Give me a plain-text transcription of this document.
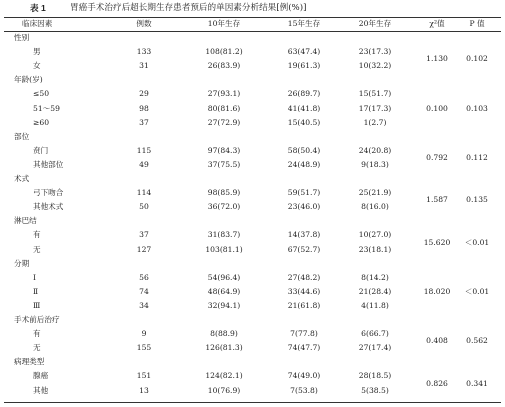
表 1	胃癌手术治疗后超长期生存患者预后的单因素分析结果[例(%)]
临床因素	例数	10年生存	15年生存	20年生存	χ²值	P 值
性别
男	133	108(81.2)	63(47.4)	23(17.3)
女	31	26(83.9)	19(61.3)	10(32.2)
1.130 0.102
年龄(岁)
≤50	29	27(93.1)	26(89.7)	15(51.7)
51～59	98	80(81.6)	41(41.8)	17(17.3)
≥60	37	27(72.9)	15(40.5)	1(2.7)
0.100 0.103
部位
贲门	115	97(84.3)	58(50.4)	24(20.8)
其他部位	49	37(75.5)	24(48.9)	9(18.3)
0.792 0.112
术式
弓下吻合	114	98(85.9)	59(51.7)	25(21.9)
其他术式	50	36(72.0)	23(46.0)	8(16.0)
1.587 0.135
淋巴结
有	37	31(83.7)	14(37.8)	10(27.0)
无	127	103(81.1)	67(52.7)	23(18.1)
15.620 ＜0.01
分期
Ⅰ	56	54(96.4)	27(48.2)	8(14.2)
Ⅱ	74	48(64.9)	33(44.6)	21(28.4)
Ⅲ	34	32(94.1)	21(61.8)	4(11.8)
18.020 ＜0.01
手术前后治疗
有	9	8(88.9)	7(77.8)	6(66.7)
无	155	126(81.3)	74(47.7)	27(17.4)
0.408 0.562
病理类型
腺癌	151	124(82.1)	74(49.0)	28(18.5)
其他	13	10(76.9)	7(53.8)	5(38.5)
0.826 0.341
